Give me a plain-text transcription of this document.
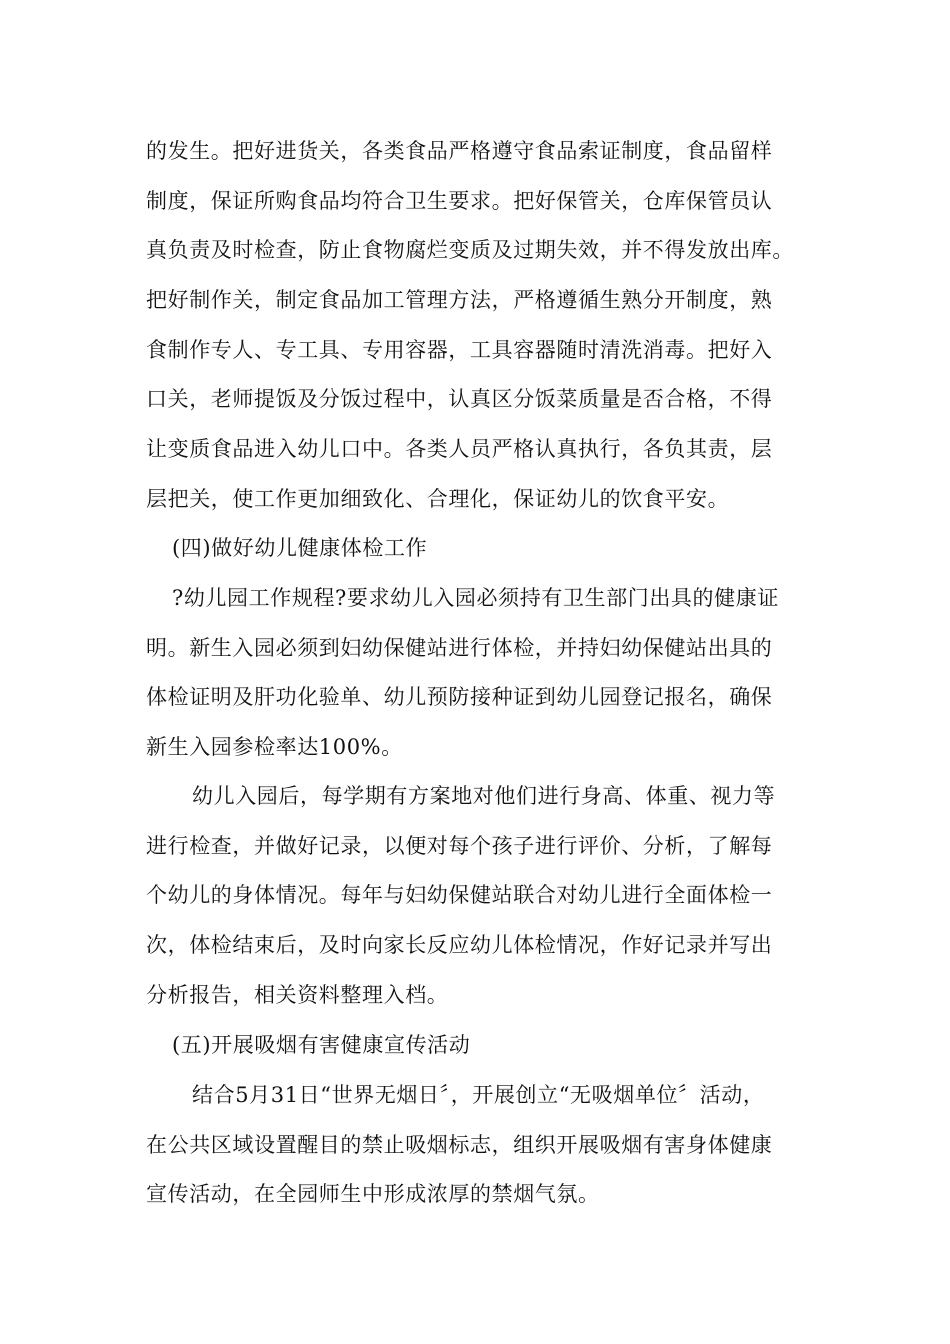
的发生。把好进货关，各类食品严格遵守食品索证制度，食品留样
制度，保证所购食品均符合卫生要求。把好保管关，仓库保管员认
真负责及时检查，防止食物腐烂变质及过期失效，并不得发放出库。
把好制作关，制定食品加工管理方法，严格遵循生熟分开制度，熟
食制作专人、专工具、专用容器，工具容器随时清洗消毒。把好入
口关，老师提饭及分饭过程中，认真区分饭菜质量是否合格，不得
让变质食品进入幼儿口中。各类人员严格认真执行，各负其责，层
层把关，使工作更加细致化、合理化，保证幼儿的饮食平安。
(四)做好幼儿健康体检工作
?幼儿园工作规程?要求幼儿入园必须持有卫生部门出具的健康证
明。新生入园必须到妇幼保健站进行体检，并持妇幼保健站出具的
体检证明及肝功化验单、幼儿预防接种证到幼儿园登记报名，确保
新生入园参检率达100%。
幼儿入园后，每学期有方案地对他们进行身高、体重、视力等
进行检查，并做好记录，以便对每个孩子进行评价、分析，了解每
个幼儿的身体情况。每年与妇幼保健站联合对幼儿进行全面体检一
次，体检结束后，及时向家长反应幼儿体检情况，作好记录并写出
分析报告，相关资料整理入档。
(五)开展吸烟有害健康宣传活动
结合5月31日“世界无烟日〞，开展创立“无吸烟单位〞活动，
在公共区域设置醒目的禁止吸烟标志，组织开展吸烟有害身体健康
宣传活动，在全园师生中形成浓厚的禁烟气氛。
